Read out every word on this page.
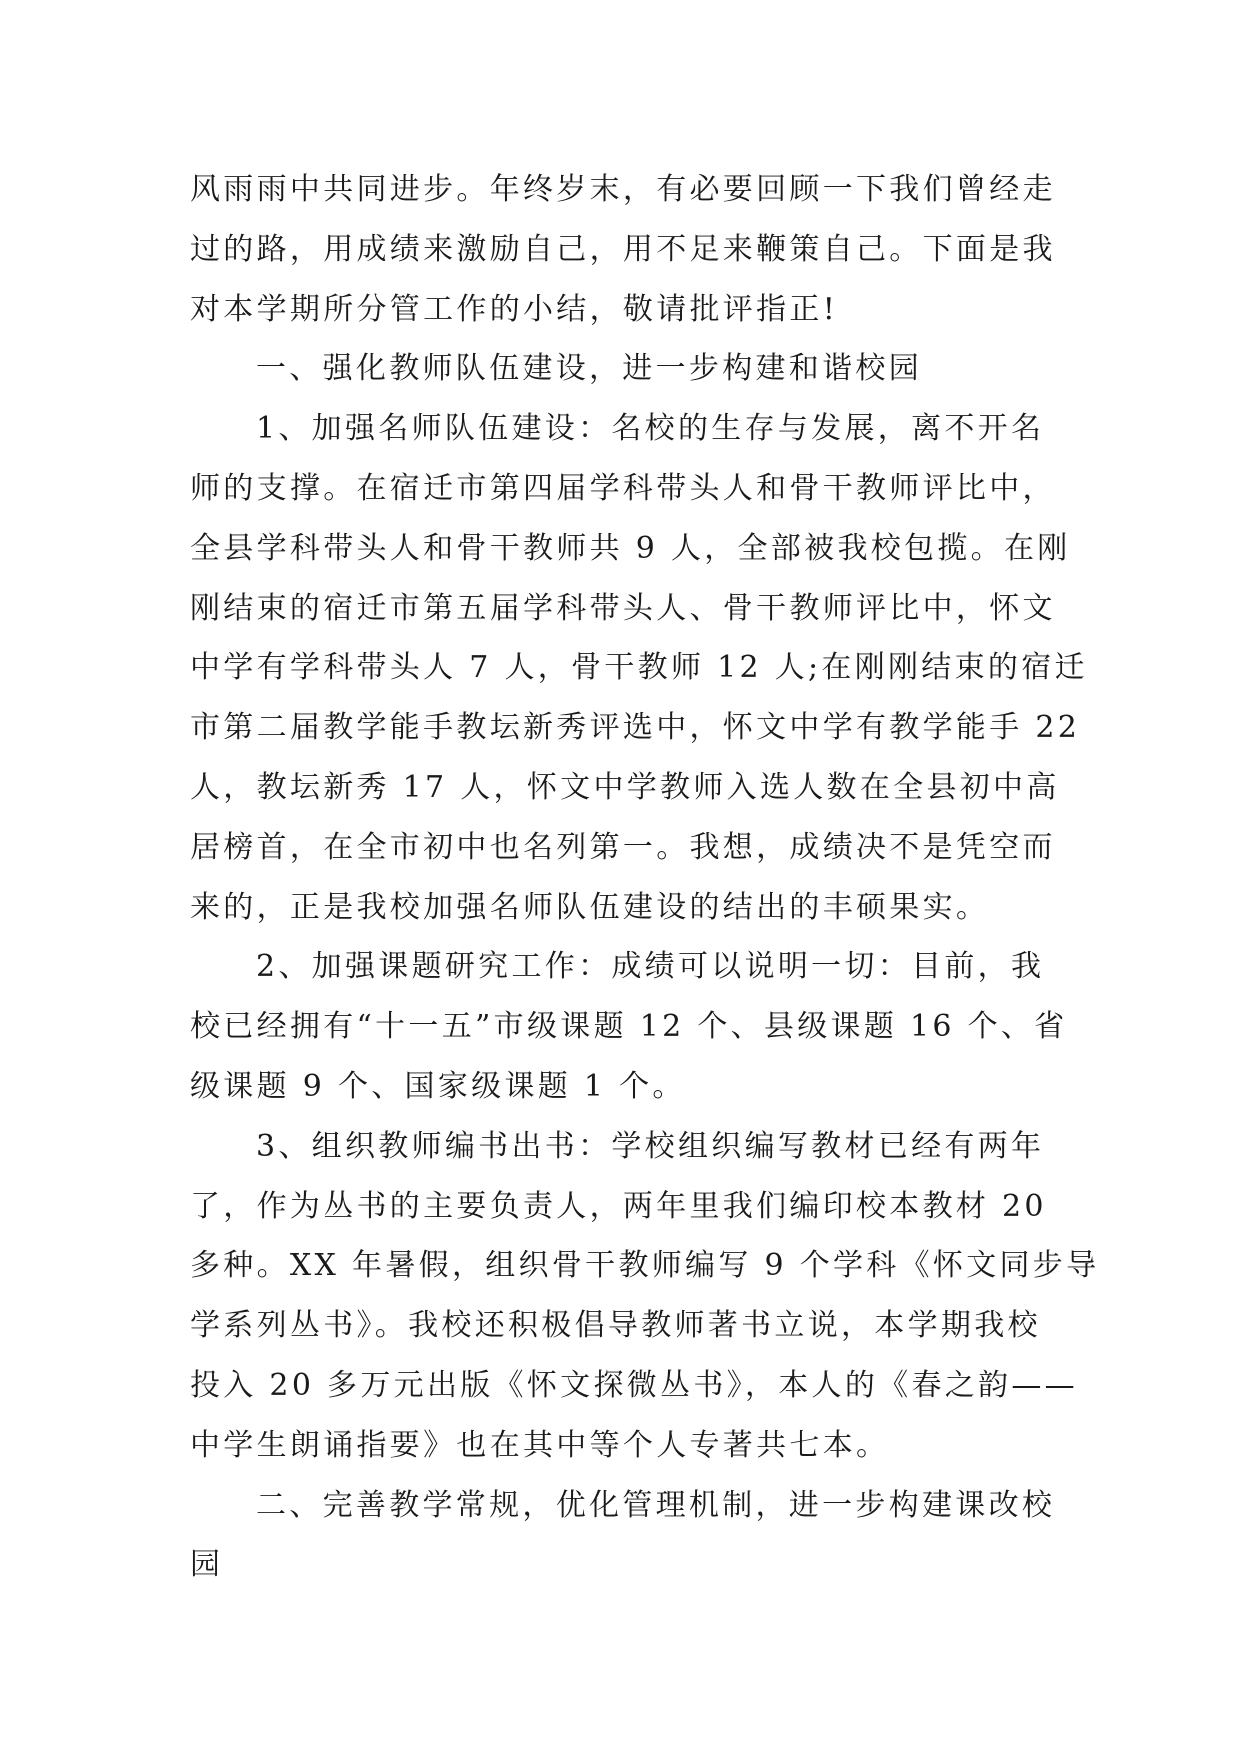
风雨雨中共同进步。年终岁末，有必要回顾一下我们曾经走
过的路，用成绩来激励自己，用不足来鞭策自己。下面是我
对本学期所分管工作的小结，敬请批评指正!
一、强化教师队伍建设，进一步构建和谐校园
1、加强名师队伍建设：名校的生存与发展，离不开名
师的支撑。在宿迁市第四届学科带头人和骨干教师评比中，
全县学科带头人和骨干教师共 9 人，全部被我校包揽。在刚
刚结束的宿迁市第五届学科带头人、骨干教师评比中，怀文
中学有学科带头人 7 人，骨干教师 12 人;在刚刚结束的宿迁
市第二届教学能手教坛新秀评选中，怀文中学有教学能手 22
人，教坛新秀 17 人，怀文中学教师入选人数在全县初中高
居榜首，在全市初中也名列第一。我想，成绩决不是凭空而
来的，正是我校加强名师队伍建设的结出的丰硕果实。
2、加强课题研究工作：成绩可以说明一切：目前，我
校已经拥有“十一五”市级课题 12 个、县级课题 16 个、省
级课题 9 个、国家级课题 1 个。
3、组织教师编书出书：学校组织编写教材已经有两年
了，作为丛书的主要负责人，两年里我们编印校本教材 20
多种。XX 年暑假，组织骨干教师编写 9 个学科《怀文同步导
学系列丛书》。我校还积极倡导教师著书立说，本学期我校
投入 20 多万元出版《怀文探微丛书》，本人的《春之韵——
中学生朗诵指要》也在其中等个人专著共七本。
二、完善教学常规，优化管理机制，进一步构建课改校
园
